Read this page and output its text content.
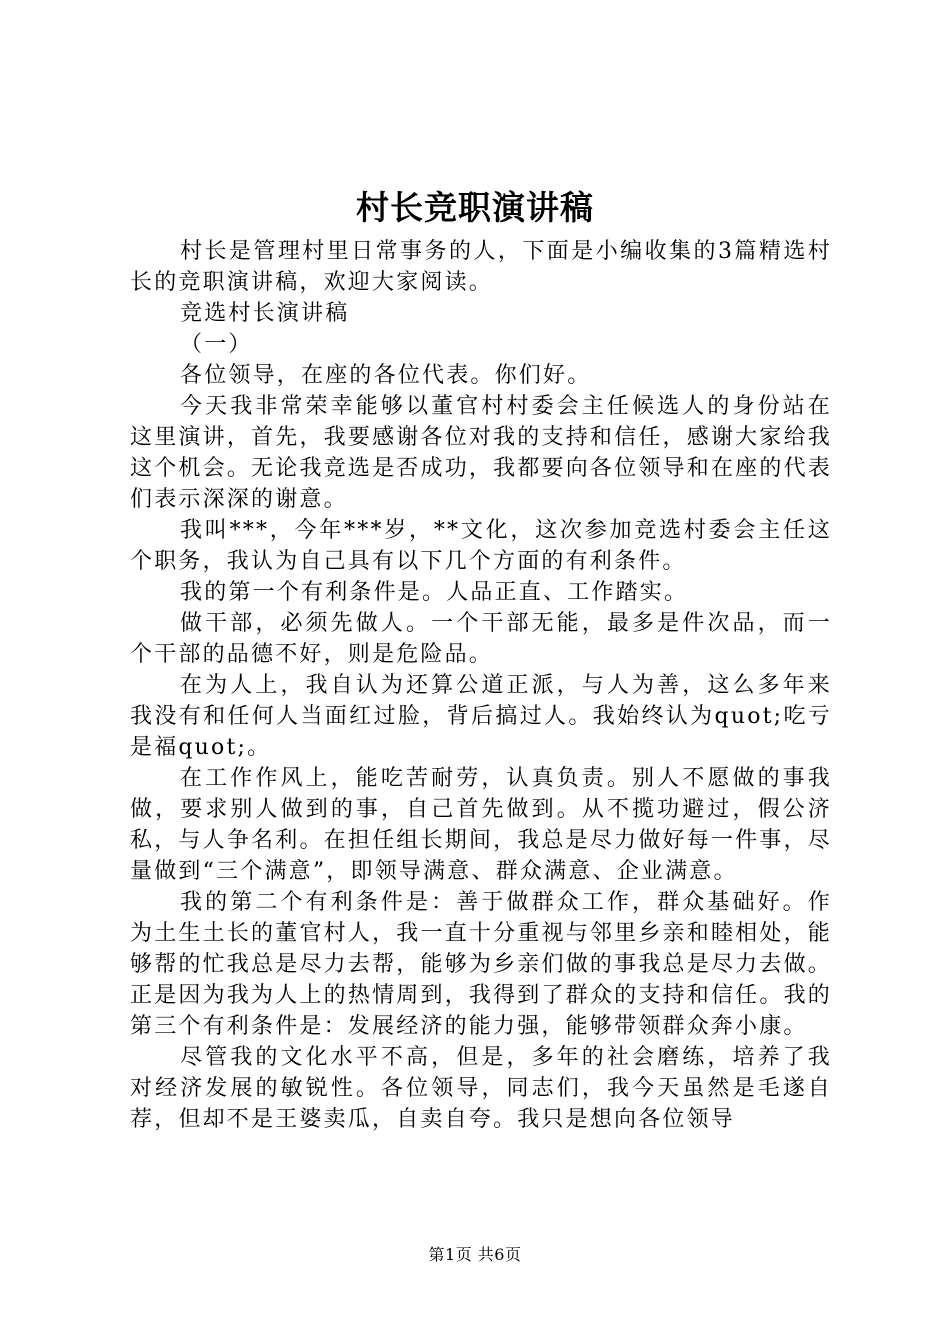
村长竞职演讲稿

村长是管理村里日常事务的人，下面是小编收集的3篇精选村长的竞职演讲稿，欢迎大家阅读。

竞选村长演讲稿

（一）

各位领导，在座的各位代表。你们好。

今天我非常荣幸能够以董官村村委会主任候选人的身份站在这里演讲，首先，我要感谢各位对我的支持和信任，感谢大家给我这个机会。无论我竞选是否成功，我都要向各位领导和在座的代表们表示深深的谢意。

我叫***，今年***岁，**文化，这次参加竞选村委会主任这个职务，我认为自己具有以下几个方面的有利条件。

我的第一个有利条件是。人品正直、工作踏实。

做干部，必须先做人。一个干部无能，最多是件次品，而一个干部的品德不好，则是危险品。

在为人上，我自认为还算公道正派，与人为善，这么多年来我没有和任何人当面红过脸，背后搞过人。我始终认为quot;吃亏是福quot;。

在工作作风上，能吃苦耐劳，认真负责。别人不愿做的事我做，要求别人做到的事，自己首先做到。从不揽功避过，假公济私，与人争名利。在担任组长期间，我总是尽力做好每一件事，尽量做到“三个满意”，即领导满意、群众满意、企业满意。

我的第二个有利条件是：善于做群众工作，群众基础好。作为土生土长的董官村人，我一直十分重视与邻里乡亲和睦相处，能够帮的忙我总是尽力去帮，能够为乡亲们做的事我总是尽力去做。正是因为我为人上的热情周到，我得到了群众的支持和信任。我的第三个有利条件是：发展经济的能力强，能够带领群众奔小康。

尽管我的文化水平不高，但是，多年的社会磨练，培养了我对经济发展的敏锐性。各位领导，同志们，我今天虽然是毛遂自荐，但却不是王婆卖瓜，自卖自夸。我只是想向各位领导

第1页 共6页
